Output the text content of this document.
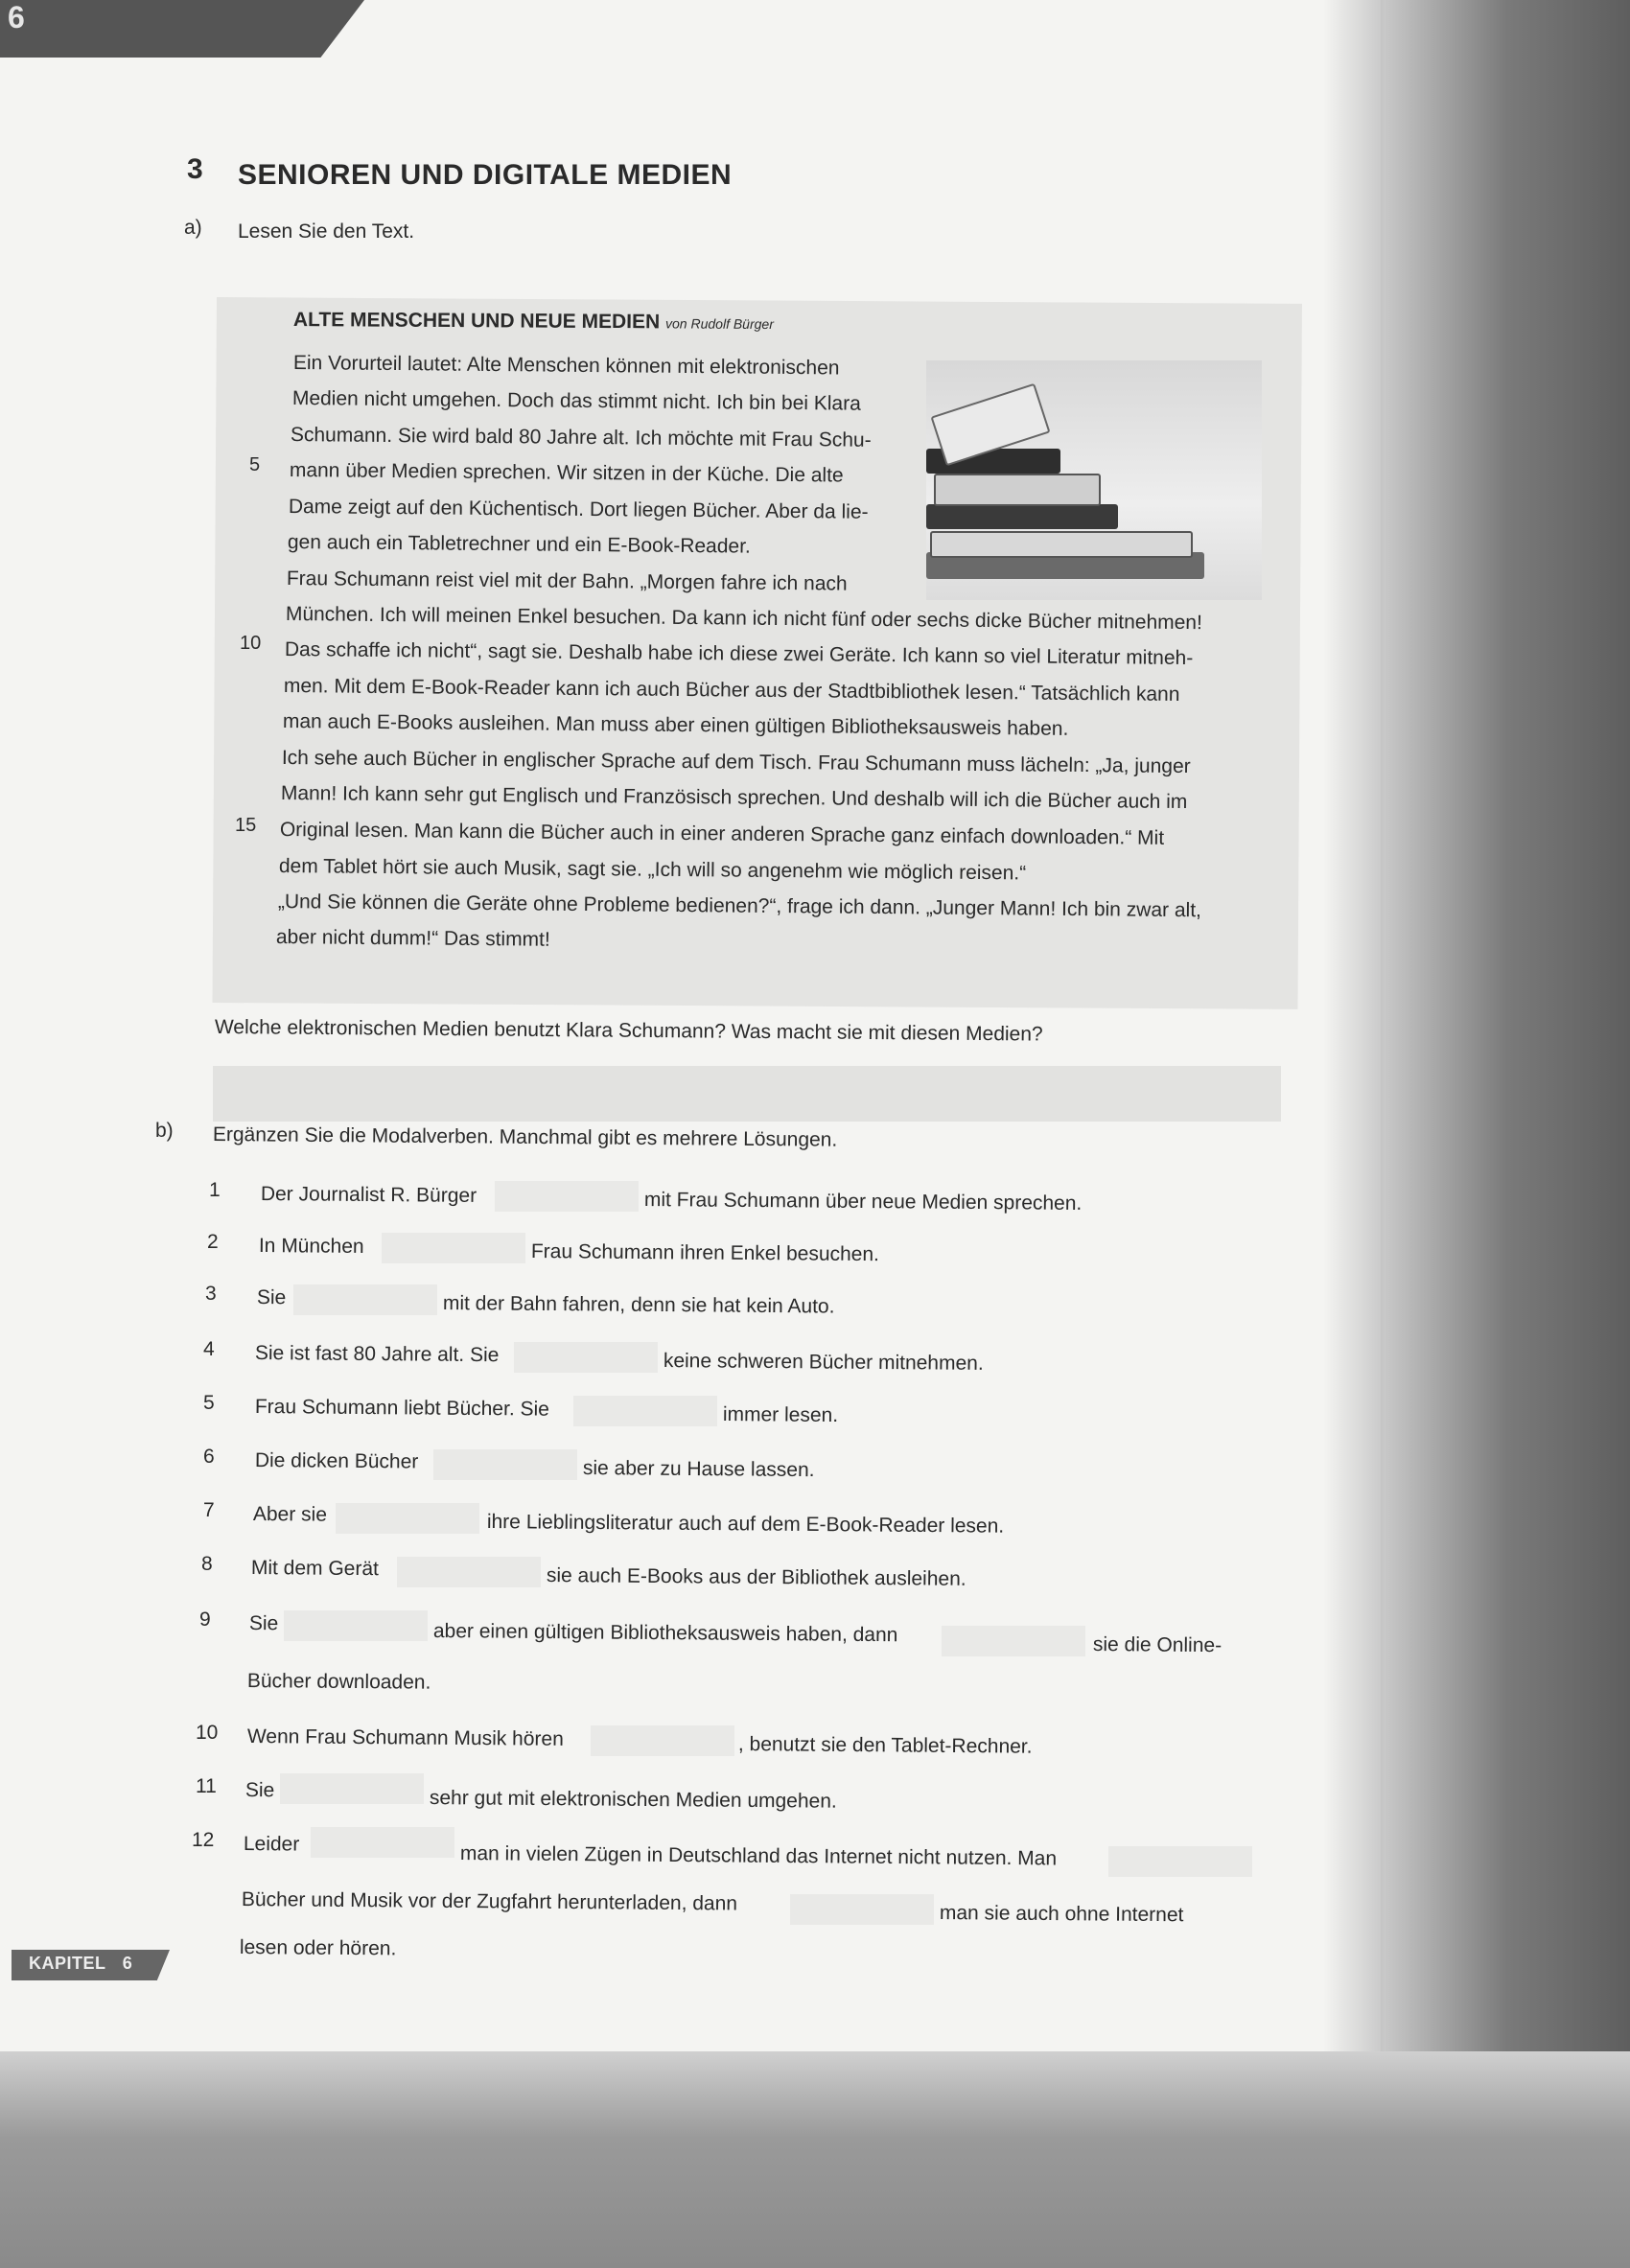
6
3 SENIOREN UND DIGITALE MEDIEN
a) Lesen Sie den Text.
ALTE MENSCHEN UND NEUE MEDIEN von Rudolf Bürger
Ein Vorurteil lautet: Alte Menschen können mit elektronischen
Medien nicht umgehen. Doch das stimmt nicht. Ich bin bei Klara
Schumann. Sie wird bald 80 Jahre alt. Ich möchte mit Frau Schu-
mann über Medien sprechen. Wir sitzen in der Küche. Die alte
Dame zeigt auf den Küchentisch. Dort liegen Bücher. Aber da lie-
gen auch ein Tabletrechner und ein E-Book-Reader.
Frau Schumann reist viel mit der Bahn. „Morgen fahre ich nach
München. Ich will meinen Enkel besuchen. Da kann ich nicht fünf oder sechs dicke Bücher mitnehmen!
Das schaffe ich nicht“, sagt sie. Deshalb habe ich diese zwei Geräte. Ich kann so viel Literatur mitneh-
men. Mit dem E-Book-Reader kann ich auch Bücher aus der Stadtbibliothek lesen.“ Tatsächlich kann
man auch E-Books ausleihen. Man muss aber einen gültigen Bibliotheksausweis haben.
Ich sehe auch Bücher in englischer Sprache auf dem Tisch. Frau Schumann muss lächeln: „Ja, junger
Mann! Ich kann sehr gut Englisch und Französisch sprechen. Und deshalb will ich die Bücher auch im
Original lesen. Man kann die Bücher auch in einer anderen Sprache ganz einfach downloaden.“ Mit
dem Tablet hört sie auch Musik, sagt sie. „Ich will so angenehm wie möglich reisen.“
„Und Sie können die Geräte ohne Probleme bedienen?“, frage ich dann. „Junger Mann! Ich bin zwar alt,
aber nicht dumm!“ Das stimmt!
5
10
15
Welche elektronischen Medien benutzt Klara Schumann? Was macht sie mit diesen Medien?
b) Ergänzen Sie die Modalverben. Manchmal gibt es mehrere Lösungen.
1 Der Journalist R. Bürger	mit Frau Schumann über neue Medien sprechen.
2 In München	Frau Schumann ihren Enkel besuchen.
3 Sie	mit der Bahn fahren, denn sie hat kein Auto.
4 Sie ist fast 80 Jahre alt. Sie	keine schweren Bücher mitnehmen.
5 Frau Schumann liebt Bücher. Sie	immer lesen.
6 Die dicken Bücher	sie aber zu Hause lassen.
7 Aber sie	ihre Lieblingsliteratur auch auf dem E-Book-Reader lesen.
8 Mit dem Gerät	sie auch E-Books aus der Bibliothek ausleihen.
9 Sie	aber einen gültigen Bibliotheksausweis haben, dann	sie die Online-
Bücher downloaden.
10 Wenn Frau Schumann Musik hören	, benutzt sie den Tablet-Rechner.
11 Sie	sehr gut mit elektronischen Medien umgehen.
12 Leider	man in vielen Zügen in Deutschland das Internet nicht nutzen. Man
Bücher und Musik vor der Zugfahrt herunterladen, dann	man sie auch ohne Internet
lesen oder hören.
KAPITEL 6
